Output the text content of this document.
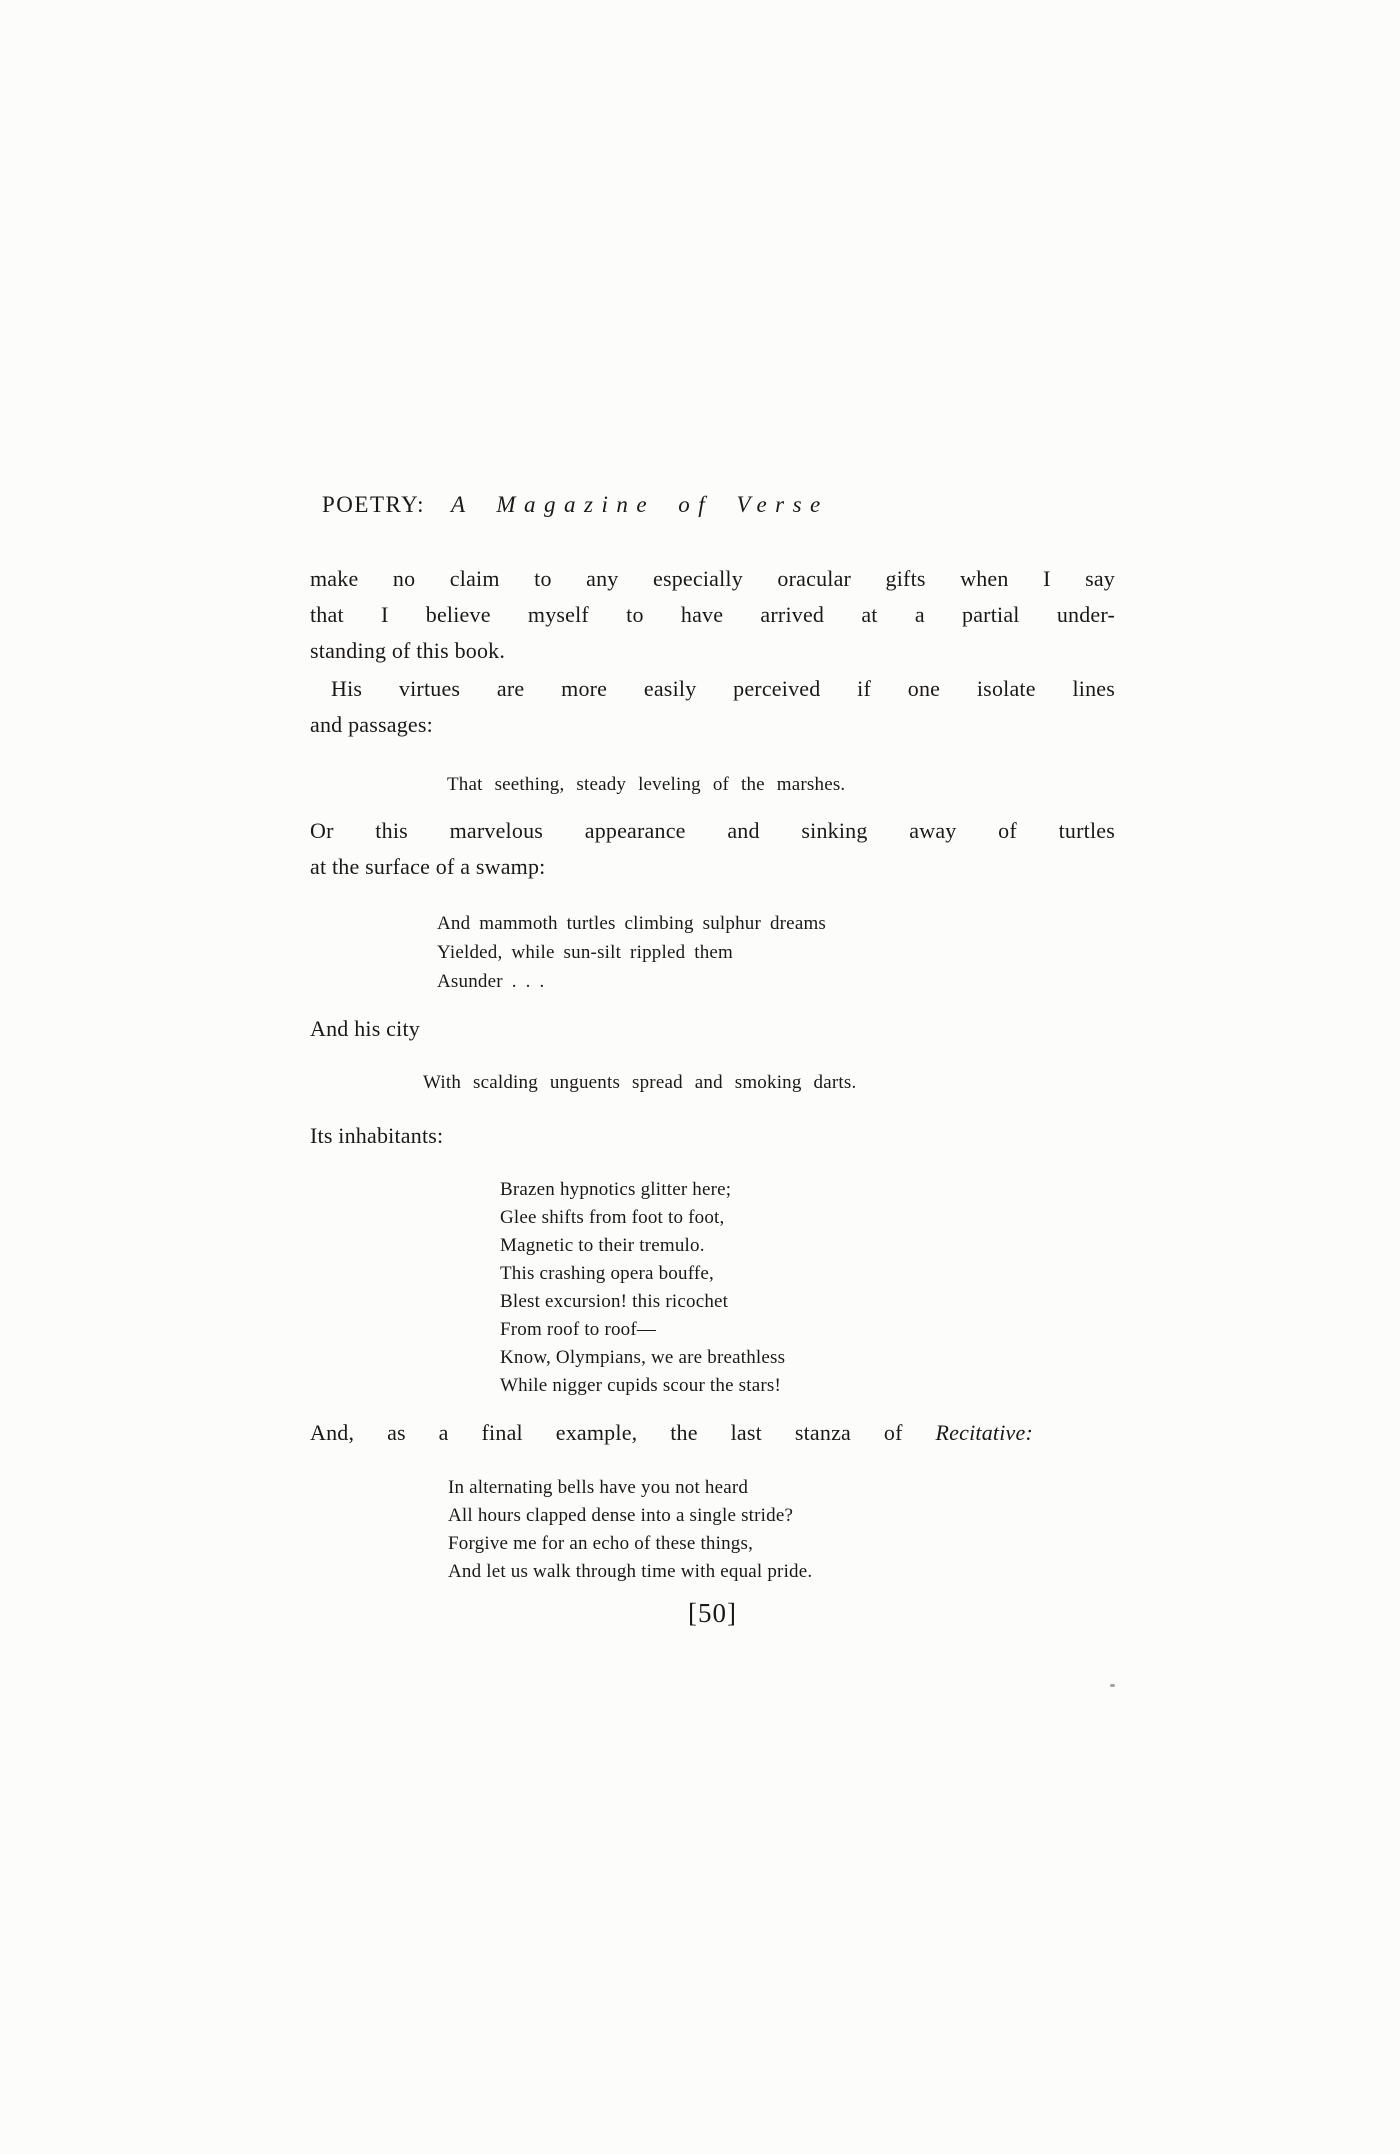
POETRY: A Magazine of Verse
make no claim to any especially oracular gifts when I say
that I believe myself to have arrived at a partial under-
standing of this book.
His virtues are more easily perceived if one isolate lines
and passages:
That seething, steady leveling of the marshes.
Or this marvelous appearance and sinking away of turtles
at the surface of a swamp:
And mammoth turtles climbing sulphur dreams
Yielded, while sun-silt rippled them
Asunder . . .
And his city
With scalding unguents spread and smoking darts.
Its inhabitants:
Brazen hypnotics glitter here;
Glee shifts from foot to foot,
Magnetic to their tremulo.
This crashing opera bouffe,
Blest excursion! this ricochet
From roof to roof—
Know, Olympians, we are breathless
While nigger cupids scour the stars!
And, as a final example, the last stanza of Recitative:
In alternating bells have you not heard
All hours clapped dense into a single stride?
Forgive me for an echo of these things,
And let us walk through time with equal pride.
[50]
